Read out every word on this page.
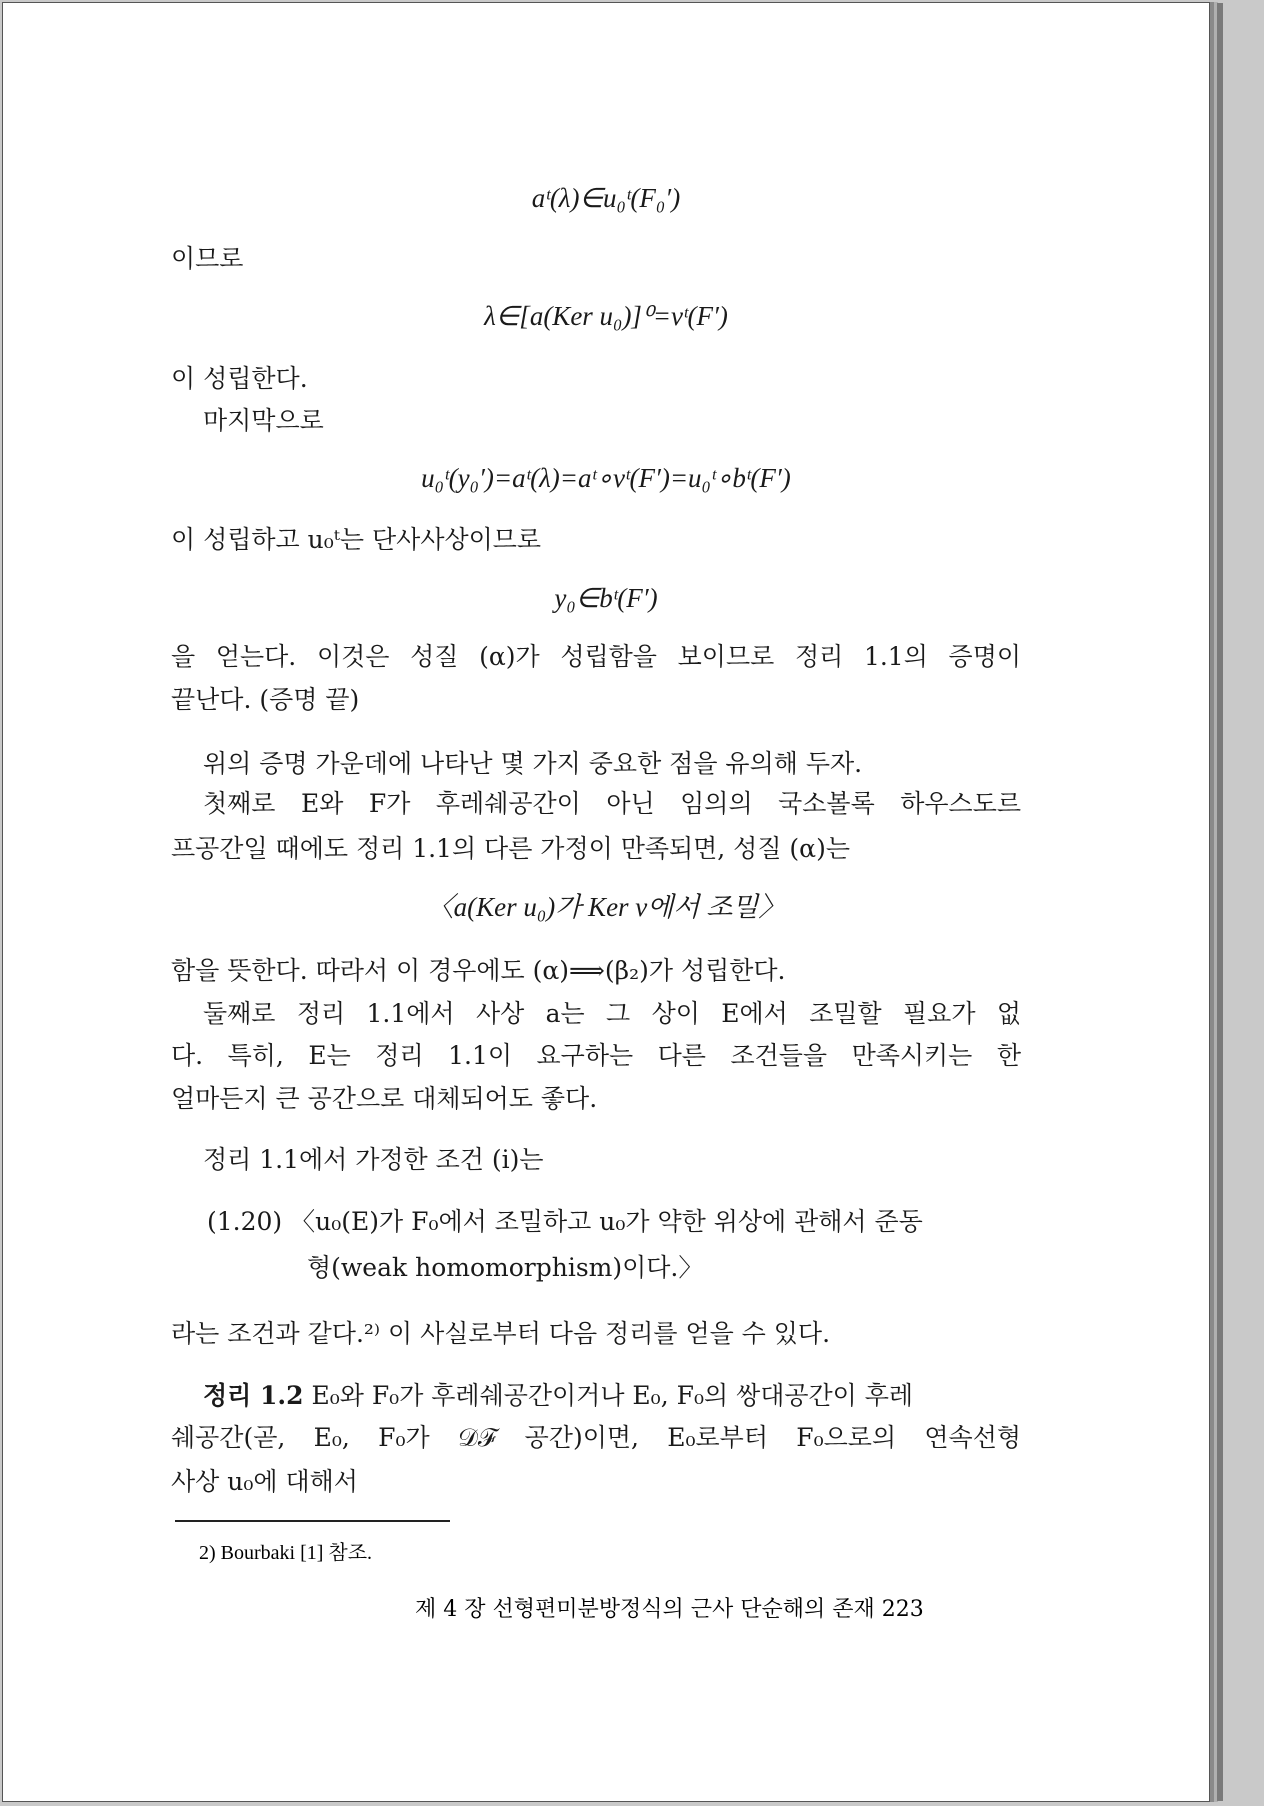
aᵗ(λ)∈u₀ᵗ(F₀′)
이므로
λ∈[a(Ker u₀)]⁰=vᵗ(F′)
이 성립한다.
마지막으로
u₀ᵗ(y₀′)=aᵗ(λ)=aᵗ∘vᵗ(F′)=u₀ᵗ∘bᵗ(F′)
이 성립하고 u₀ᵗ는 단사사상이므로
y₀∈bᵗ(F′)
을 얻는다. 이것은 성질 (α)가 성립함을 보이므로 정리 1.1의 증명이
끝난다. (증명 끝)
위의 증명 가운데에 나타난 몇 가지 중요한 점을 유의해 두자.
첫째로 E와 F가 후레쉐공간이 아닌 임의의 국소볼록 하우스도르
프공간일 때에도 정리 1.1의 다른 가정이 만족되면, 성질 (α)는
〈a(Ker u₀)가 Ker v에서 조밀〉
함을 뜻한다. 따라서 이 경우에도 (α)⟹(β₂)가 성립한다.
둘째로 정리 1.1에서 사상 a는 그 상이 E에서 조밀할 필요가 없
다. 특히, E는 정리 1.1이 요구하는 다른 조건들을 만족시키는 한
얼마든지 큰 공간으로 대체되어도 좋다.
정리 1.1에서 가정한 조건 (i)는
(1.20) 〈u₀(E)가 F₀에서 조밀하고 u₀가 약한 위상에 관해서 준동
형(weak homomorphism)이다.〉
라는 조건과 같다.²⁾ 이 사실로부터 다음 정리를 얻을 수 있다.
정리 1.2 E₀와 F₀가 후레쉐공간이거나 E₀, F₀의 쌍대공간이 후레
쉐공간(곧, E₀, F₀가 𝒟ℱ 공간)이면, E₀로부터 F₀으로의 연속선형
사상 u₀에 대해서
2) Bourbaki [1] 참조.
제 4 장 선형편미분방정식의 근사 단순해의 존재 223
